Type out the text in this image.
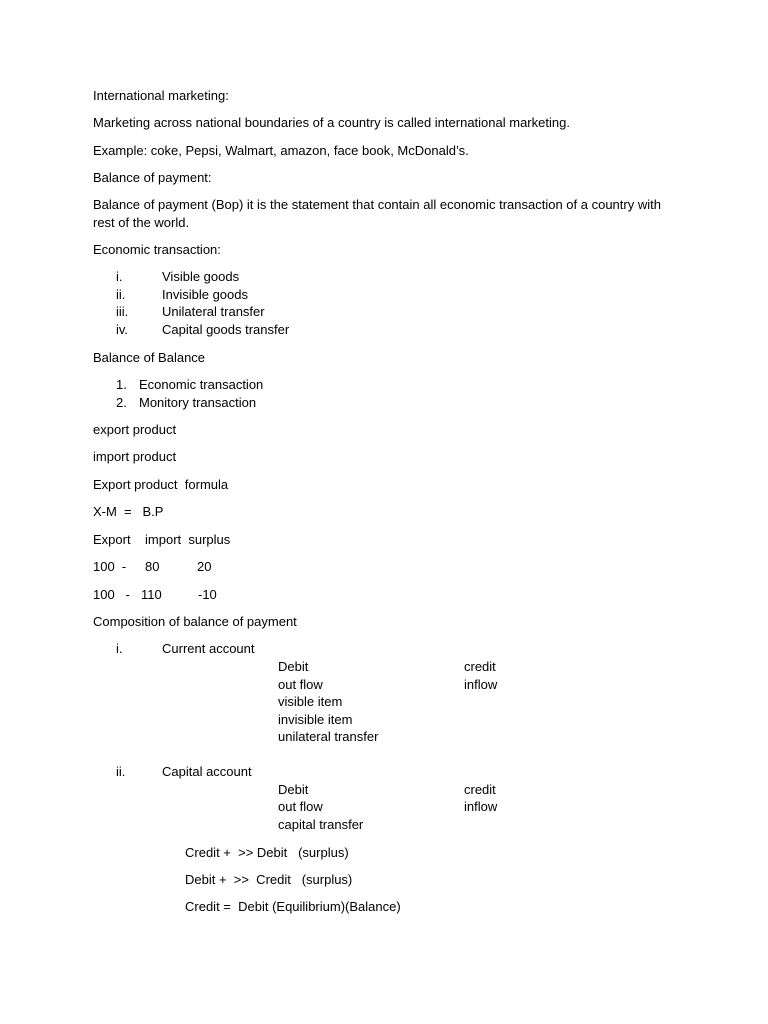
International marketing:
Marketing across national boundaries of a country is called international marketing.
Example: coke, Pepsi, Walmart, amazon, face book, McDonald’s.
Balance of payment:
Balance of payment (Bop) it is the statement that contain all economic transaction of a country with
rest of the world.
Economic transaction:
i.	Visible goods
ii.	Invisible goods
iii.	Unilateral transfer
iv.	Capital goods transfer
Balance of Balance
1. Economic transaction
2. Monitory transaction
export product
import product
Export product  formula
X-M  =   B.P
Export    import  surplus
100  - 80	20
100   - 110	-10
Composition of balance of payment
i.	Current account
Debit	credit
out flow	inflow
visible item
invisible item
unilateral transfer
ii.	Capital account
Debit	credit
out flow	inflow
capital transfer
Credit +  >> Debit   (surplus)
Debit +  >>  Credit   (surplus)
Credit =  Debit (Equilibrium)(Balance)
